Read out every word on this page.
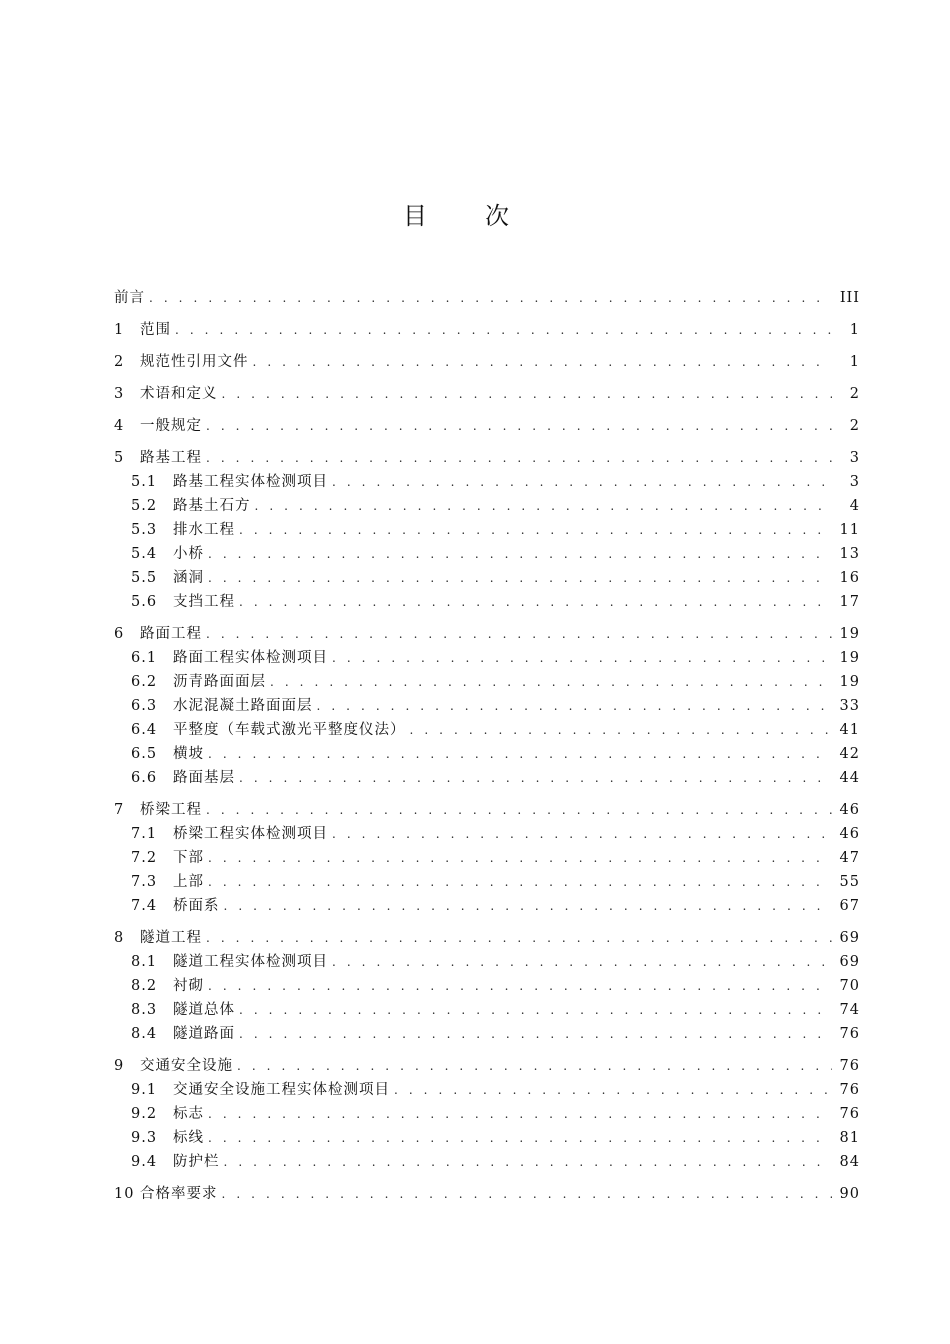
目次
前言 . . .	III
1	范围 . . .	1
2	规范性引用文件 . . .	1
3	术语和定义 . . .	2
4	一般规定 . . .	2
5	路基工程 . . .	3
5.1	路基工程实体检测项目 . . .	3
5.2	路基土石方 . . .	4
5.3	排水工程 . . .	11
5.4	小桥 . . .	13
5.5	涵洞 . . .	16
5.6	支挡工程 . . .	17
6	路面工程 . . .	19
6.1	路面工程实体检测项目 . . .	19
6.2	沥青路面面层 . . .	19
6.3	水泥混凝土路面面层 . . .	33
6.4	平整度（车载式激光平整度仪法） . . .	41
6.5	横坡 . . .	42
6.6	路面基层 . . .	44
7	桥梁工程 . . .	46
7.1	桥梁工程实体检测项目 . . .	46
7.2	下部 . . .	47
7.3	上部 . . .	55
7.4	桥面系 . . .	67
8	隧道工程 . . .	69
8.1	隧道工程实体检测项目 . . .	69
8.2	衬砌 . . .	70
8.3	隧道总体 . . .	74
8.4	隧道路面 . . .	76
9	交通安全设施 . . .	76
9.1	交通安全设施工程实体检测项目 . . .	76
9.2	标志 . . .	76
9.3	标线 . . .	81
9.4	防护栏 . . .	84
10 合格率要求 . . .	90
